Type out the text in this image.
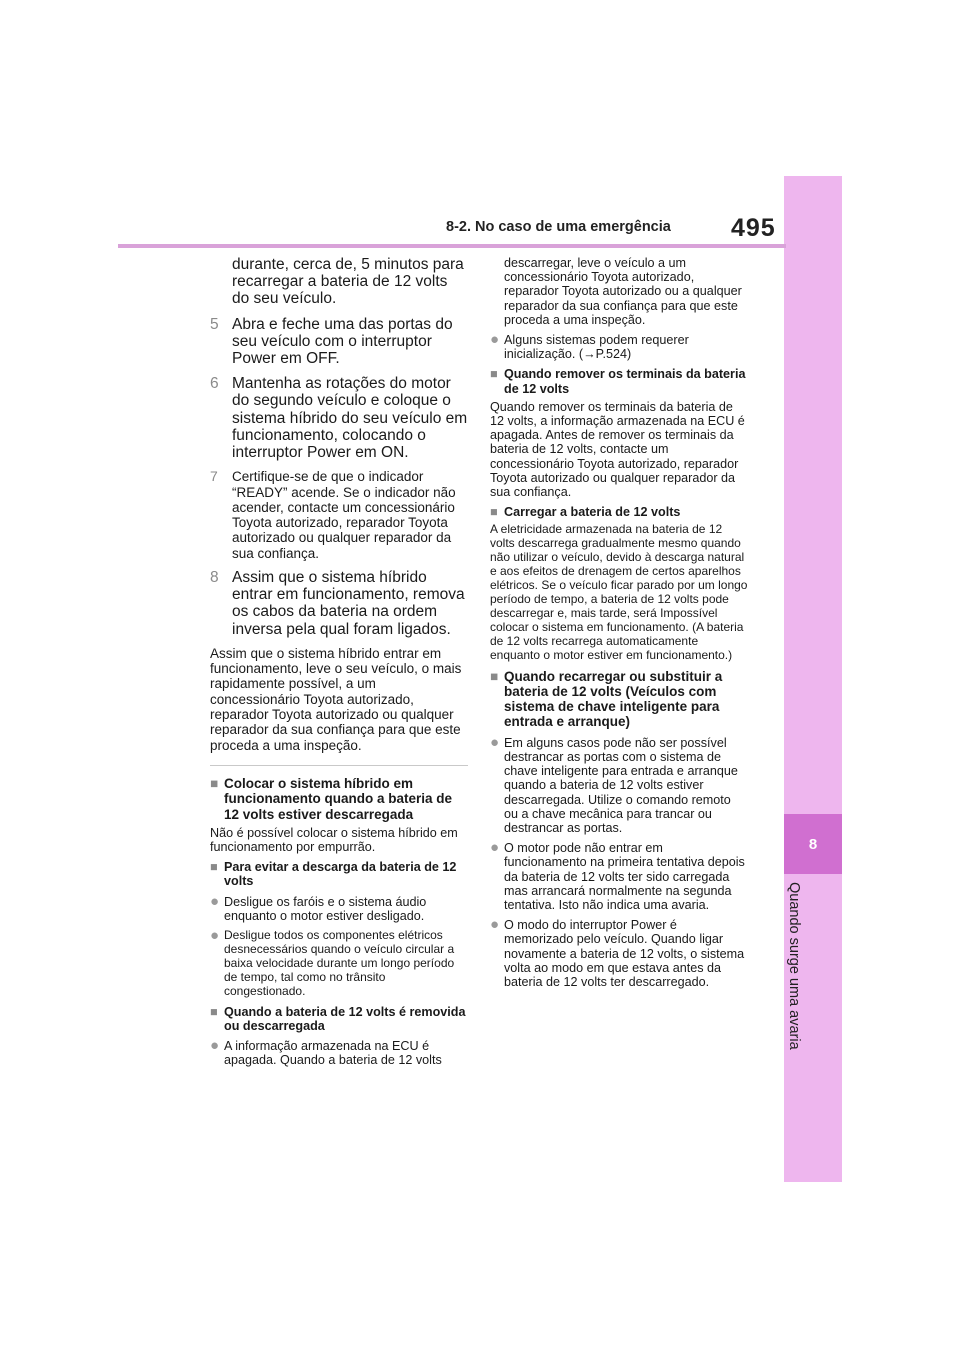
8
Quando surge uma avaria
8-2. No caso de uma emergência 495
durante, cerca de, 5 minutos para recarregar a bateria de 12 volts do seu veículo.
5 Abra e feche uma das portas do seu veículo com o interruptor Power em OFF.
6 Mantenha as rotações do motor do segundo veículo e coloque o sistema híbrido do seu veículo em funcionamento, colocando o interruptor Power em ON.
7	Certifique-se de que o indicador “READY” acende. Se o indicador não acender, contacte um concessionário Toyota autorizado, reparador Toyota autorizado ou qualquer reparador da sua confiança.
8 Assim que o sistema híbrido entrar em funcionamento, remova os cabos da bateria na ordem inversa pela qual foram ligados.
Assim que o sistema híbrido entrar em funcionamento, leve o seu veículo, o mais rapidamente possível, a um concessionário Toyota autorizado, reparador Toyota autorizado ou qualquer reparador da sua confiança para que este proceda a uma inspeção.
■ Colocar o sistema híbrido em funcionamento quando a bateria de 12 volts estiver descarregada
Não é possível colocar o sistema híbrido em funcionamento por empurrão.
■ Para evitar a descarga da bateria de 12 volts
● Desligue os faróis e o sistema áudio enquanto o motor estiver desligado.
● Desligue todos os componentes elétricos desnecessários quando o veículo circular a baixa velocidade durante um longo período de tempo, tal como no trânsito congestionado.
■ Quando a bateria de 12 volts é removida ou descarregada
● A informação armazenada na ECU é apagada. Quando a bateria de 12 volts
descarregar, leve o veículo a um concessionário Toyota autorizado, reparador Toyota autorizado ou a qualquer reparador da sua confiança para que este proceda a uma inspeção.
● Alguns sistemas podem requerer inicialização. (→P.524)
■ Quando remover os terminais da bateria de 12 volts
Quando remover os terminais da bateria de 12 volts, a informação armazenada na ECU é apagada. Antes de remover os terminais da bateria de 12 volts, contacte um concessionário Toyota autorizado, reparador Toyota autorizado ou qualquer reparador da sua confiança.
■ Carregar a bateria de 12 volts
A eletricidade armazenada na bateria de 12 volts descarrega gradualmente mesmo quando não utilizar o veículo, devido à descarga natural e aos efeitos de drenagem de certos aparelhos elétricos. Se o veículo ficar parado por um longo período de tempo, a bateria de 12 volts pode descarregar e, mais tarde, será Impossível colocar o sistema em funcionamento. (A bateria de 12 volts recarrega automaticamente enquanto o motor estiver em funcionamento.)
■ Quando recarregar ou substituir a bateria de 12 volts (Veículos com sistema de chave inteligente para entrada e arranque)
● Em alguns casos pode não ser possível destrancar as portas com o sistema de chave inteligente para entrada e arranque quando a bateria de 12 volts estiver descarregada. Utilize o comando remoto ou a chave mecânica para trancar ou destrancar as portas.
● O motor pode não entrar em funcionamento na primeira tentativa depois da bateria de 12 volts ter sido carregada mas arrancará normalmente na segunda tentativa. Isto não indica uma avaria.
● O modo do interruptor Power é memorizado pelo veículo. Quando ligar novamente a bateria de 12 volts, o sistema volta ao modo em que estava antes da bateria de 12 volts ter descarregado.
